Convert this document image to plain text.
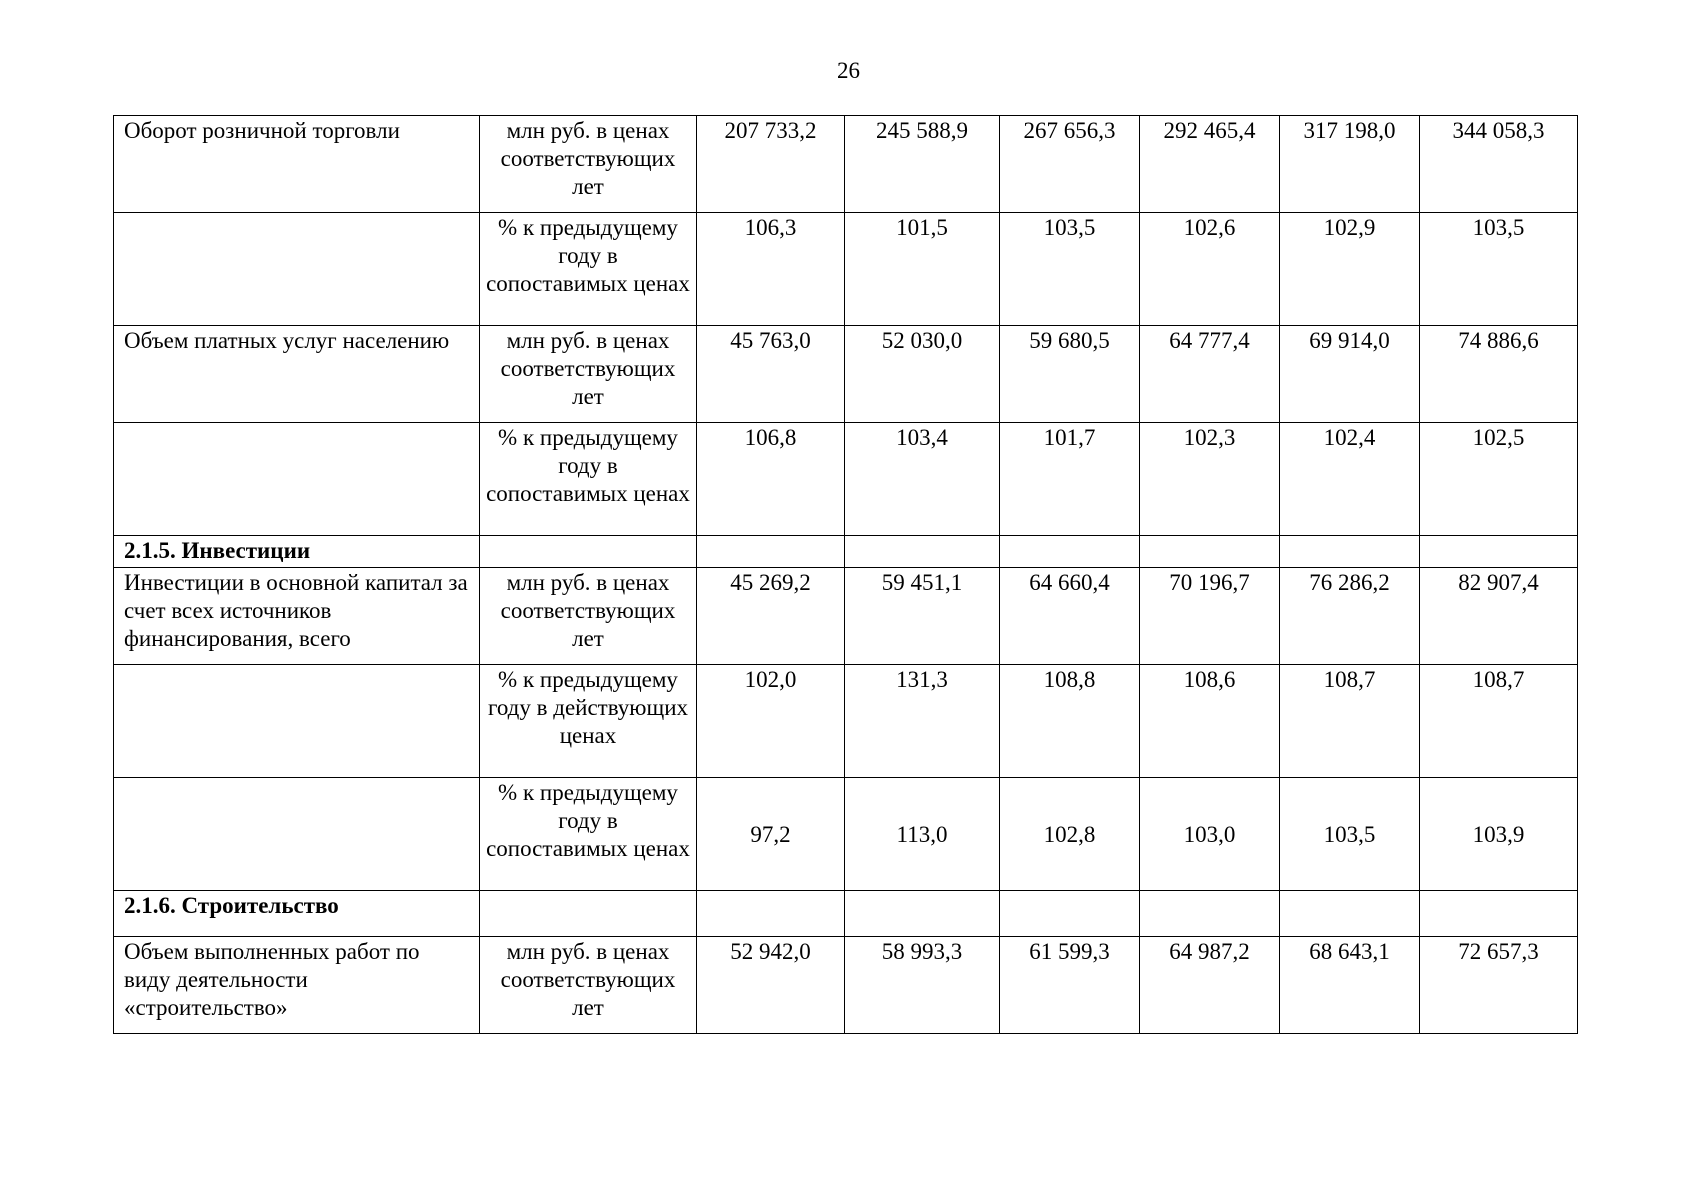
26
Оборот розничной торговли	млн руб. в ценах соответствующих лет	207 733,2	245 588,9	267 656,3	292 465,4	317 198,0	344 058,3
	% к предыдущему году в сопоставимых ценах	106,3	101,5	103,5	102,6	102,9	103,5
Объем платных услуг населению	млн руб. в ценах соответствующих лет	45 763,0	52 030,0	59 680,5	64 777,4	69 914,0	74 886,6
	% к предыдущему году в сопоставимых ценах	106,8	103,4	101,7	102,3	102,4	102,5
2.1.5. Инвестиции							
Инвестиции в основной капитал за счет всех источников финансирования, всего	млн руб. в ценах соответствующих лет	45 269,2	59 451,1	64 660,4	70 196,7	76 286,2	82 907,4
	% к предыдущему году в действующих ценах	102,0	131,3	108,8	108,6	108,7	108,7
	% к предыдущему году в сопоставимых ценах	97,2	113,0	102,8	103,0	103,5	103,9
2.1.6. Строительство							
Объем выполненных работ по виду деятельности «строительство»	млн руб. в ценах соответствующих лет	52 942,0	58 993,3	61 599,3	64 987,2	68 643,1	72 657,3
